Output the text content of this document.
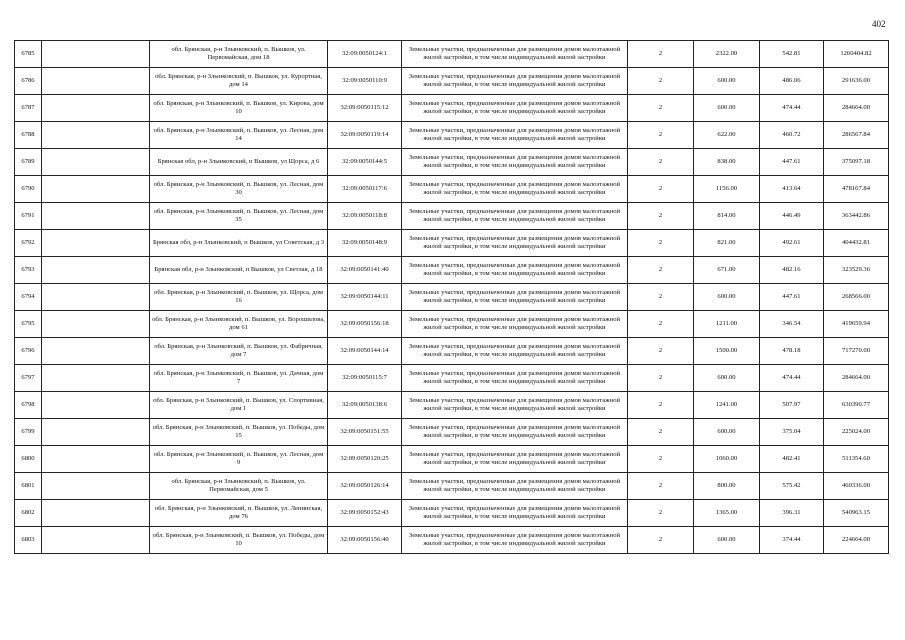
402
6785		обл. Брянская, р-н Злынковский, п. Вышков, ул. Первомайская, дом 18	32:09:0050124:1	Земельные участки, предназначенные для размещения домов малоэтажной жилой застройки, в том числе индивидуальной жилой застройки	2	2322.00	542.81	1260404.82
6786		обл. Брянская, р-н Злынковский, п. Вышков, ул. Курортная, дом 14	32:09:0050110:9	Земельные участки, предназначенные для размещения домов малоэтажной жилой застройки, в том числе индивидуальной жилой застройки	2	600.00	486.06	291636.00
6787		обл. Брянская, р-н Злынковский, п. Вышков, ул. Кирова, дом 10	32:09:0050115:12	Земельные участки, предназначенные для размещения домов малоэтажной жилой застройки, в том числе индивидуальной жилой застройки	2	600.00	474.44	284664.00
6788		обл. Брянская, р-н Злынковский, п. Вышков, ул. Лесная, дом 14	32:09:0050119:14	Земельные участки, предназначенные для размещения домов малоэтажной жилой застройки, в том числе индивидуальной жилой застройки	2	622.00	460.72	286567.84
6789		Брянская обл, р-н Злынковский, п Вышков, ул Щорса, д 6	32:09:0050144:5	Земельные участки, предназначенные для размещения домов малоэтажной жилой застройки, в том числе индивидуальной жилой застройки	2	838.00	447.61	375097.18
6790		обл. Брянская, р-н Злынковский, п. Вышков, ул. Лесная, дом 30	32:09:0050117:6	Земельные участки, предназначенные для размещения домов малоэтажной жилой застройки, в том числе индивидуальной жилой застройки	2	1156.00	413.64	478167.84
6791		обл. Брянская, р-н Злынковский, п. Вышков, ул. Лесная, дом 35	32:09:0050118:8	Земельные участки, предназначенные для размещения домов малоэтажной жилой застройки, в том числе индивидуальной жилой застройки	2	814.00	446.49	363442.86
6792		Брянская обл, р-н Злынковский, п Вышков, ул Советская, д 3	32:09:0050148:9	Земельные участки, предназначенные для размещения домов малоэтажной жилой застройки, в том числе индивидуальной жилой застройки	2	821.00	492.61	404432.81
6793		Брянская обл, р-н Злынковский, п Вышков, ул Светлая, д 18	32:09:0050141:40	Земельные участки, предназначенные для размещения домов малоэтажной жилой застройки, в том числе индивидуальной жилой застройки	2	671.00	482.16	323529.36
6794		обл. Брянская, р-н Злынковский, п. Вышков, ул. Щорса, дом 16	32:09:0050144:11	Земельные участки, предназначенные для размещения домов малоэтажной жилой застройки, в том числе индивидуальной жилой застройки	2	600.00	447.61	268566.00
6795		обл. Брянская, р-н Злынковский, п. Вышков, ул. Ворошилова, дом 61	32:09:0050156:18	Земельные участки, предназначенные для размещения домов малоэтажной жилой застройки, в том числе индивидуальной жилой застройки	2	1211.00	346.54	419659.94
6796		обл. Брянская, р-н Злынковский, п. Вышков, ул. Фабричная, дом 7	32:09:0050144:14	Земельные участки, предназначенные для размещения домов малоэтажной жилой застройки, в том числе индивидуальной жилой застройки	2	1500.00	478.18	717270.00
6797		обл. Брянская, р-н Злынковский, п. Вышков, ул. Дачная, дом 7	32:09:0050115:7	Земельные участки, предназначенные для размещения домов малоэтажной жилой застройки, в том числе индивидуальной жилой застройки	2	600.00	474.44	284664.00
6798		обл. Брянская, р-н Злынковский, п. Вышков, ул. Спортивная, дом 1	32:09:0050138:6	Земельные участки, предназначенные для размещения домов малоэтажной жилой застройки, в том числе индивидуальной жилой застройки	2	1241.00	507.97	630390.77
6799		обл. Брянская, р-н Злынковский, п. Вышков, ул. Победы, дом 15	32:09:0050151:55	Земельные участки, предназначенные для размещения домов малоэтажной жилой застройки, в том числе индивидуальной жилой застройки	2	600.00	375.04	225024.00
6800		обл. Брянская, р-н Злынковский, п. Вышков, ул. Лесная, дом 9	32:09:0050120:25	Земельные участки, предназначенные для размещения домов малоэтажной жилой застройки, в том числе индивидуальной жилой застройки	2	1060.00	482.41	511354.60
6801		обл. Брянская, р-н Злынковский, п. Вышков, ул. Первомайская, дом 5	32:09:0050126:14	Земельные участки, предназначенные для размещения домов малоэтажной жилой застройки, в том числе индивидуальной жилой застройки	2	800.00	575.42	460336.00
6802		обл. Брянская, р-н Злынковский, п. Вышков, ул. Ленинская, дом 76	32:09:0050152:43	Земельные участки, предназначенные для размещения домов малоэтажной жилой застройки, в том числе индивидуальной жилой застройки	2	1365.00	396.31	540963.15
6803		обл. Брянская, р-н Злынковский, п. Вышков, ул. Победы, дом 10	32:09:0050156:40	Земельные участки, предназначенные для размещения домов малоэтажной жилой застройки, в том числе индивидуальной жилой застройки	2	600.00	374.44	224664.00
